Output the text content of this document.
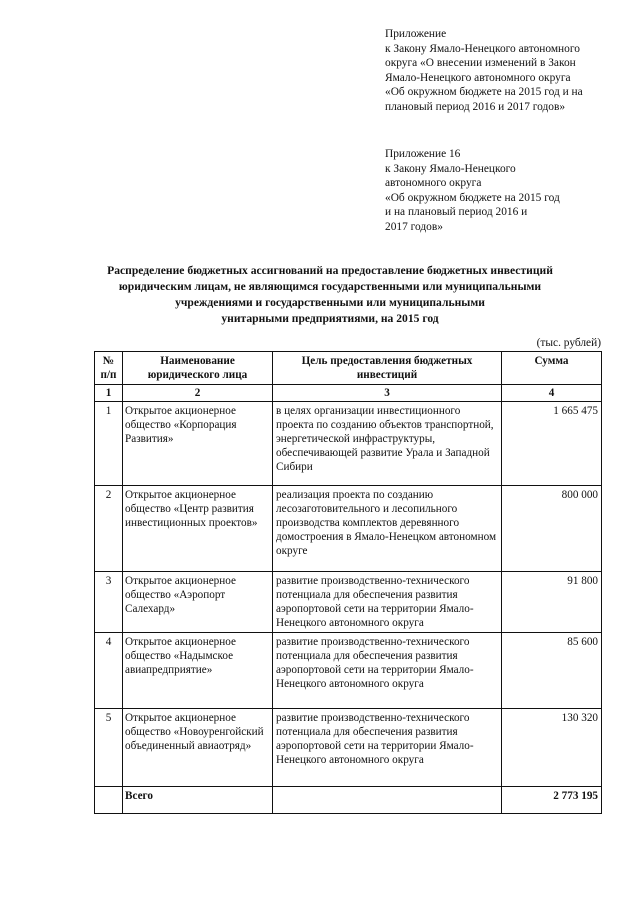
Приложение
к Закону Ямало-Ненецкого автономного
округа «О внесении изменений в Закон
Ямало-Ненецкого автономного округа
«Об окружном бюджете на 2015 год и на
плановый период 2016 и 2017 годов»
Приложение 16
к Закону Ямало-Ненецкого
автономного округа
«Об окружном бюджете на 2015 год
и на плановый период 2016 и
2017 годов»
Распределение бюджетных ассигнований на предоставление бюджетных инвестиций
юридическим лицам, не являющимся государственными или муниципальными
учреждениями и государственными или муниципальными
унитарными предприятиями, на 2015 год
(тыс. рублей)
№ п/п	Наименование юридического лица	Цель предоставления бюджетных инвестиций	Сумма
1	2	3	4
1	Открытое акционерное общество «Корпорация Развития»	в целях организации инвестиционного проекта по созданию объектов транспортной, энергетической инфраструктуры, обеспечивающей развитие Урала и Западной Сибири	1 665 475
2	Открытое акционерное общество «Центр развития инвестиционных проектов»	реализация проекта по созданию лесозаготовительного и лесопильного производства комплектов деревянного домостроения в Ямало-Ненецком автономном округе	800 000
3	Открытое акционерное общество «Аэропорт Салехард»	развитие производственно-технического потенциала для обеспечения развития аэропортовой сети на территории Ямало-Ненецкого автономного округа	91 800
4	Открытое акционерное общество «Надымское авиапредприятие»	развитие производственно-технического потенциала для обеспечения развития аэропортовой сети на территории Ямало-Ненецкого автономного округа	85 600
5	Открытое акционерное общество «Новоуренгойский объединенный авиаотряд»	развитие производственно-технического потенциала для обеспечения развития аэропортовой сети на территории Ямало-Ненецкого автономного округа	130 320
	Всего		2 773 195
